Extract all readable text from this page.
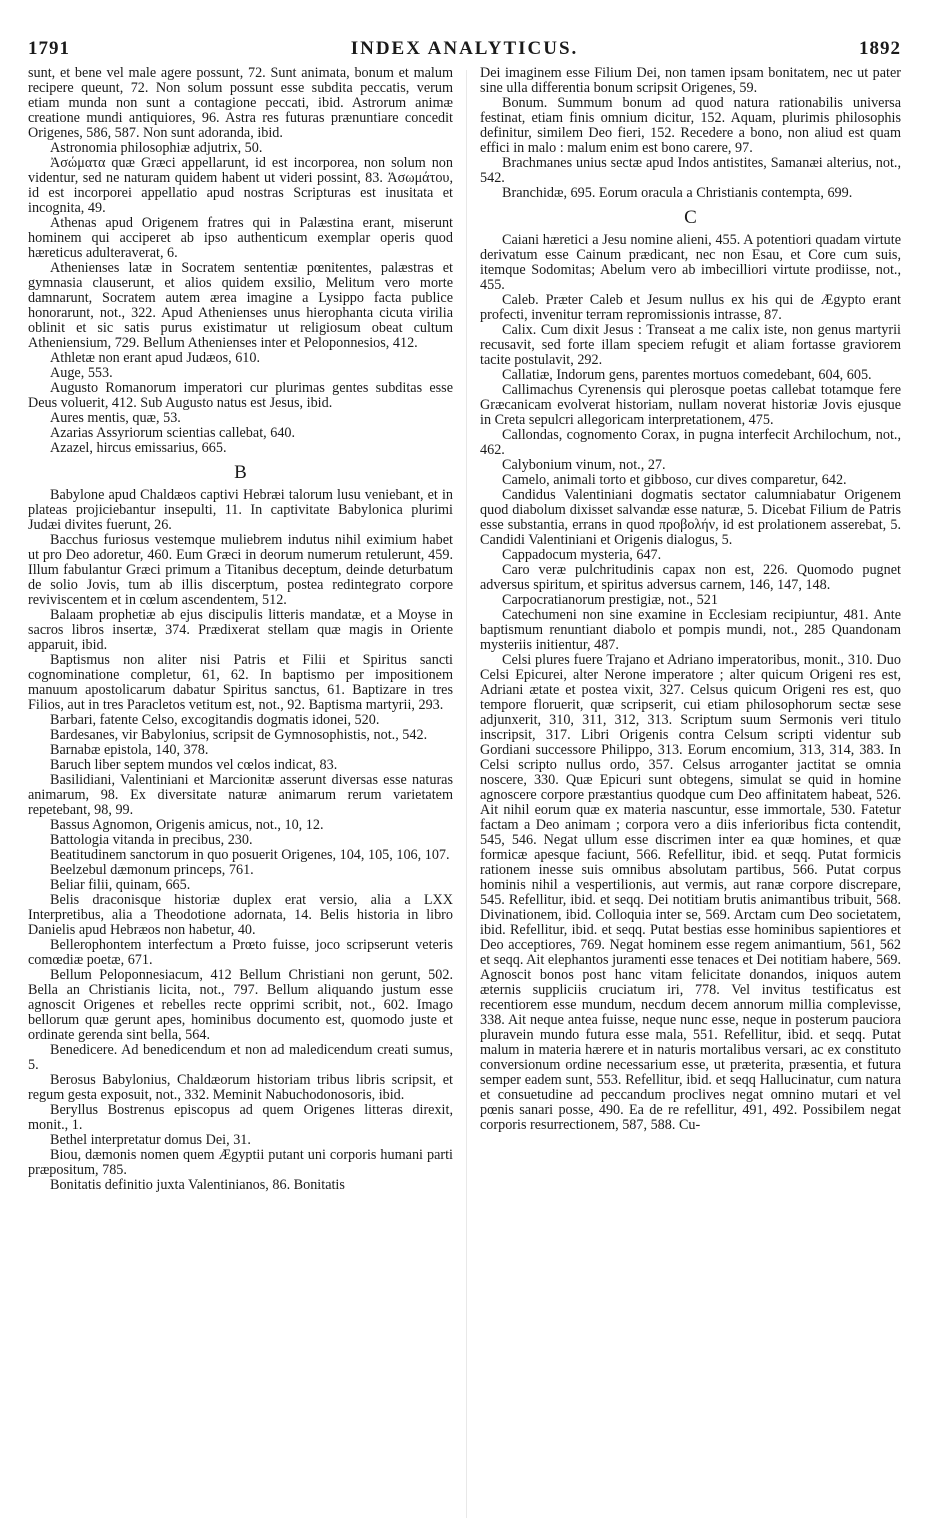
1791	INDEX ANALYTICUS.	1892

sunt, et bene vel male agere possunt, 72. Sunt animata, bonum et malum recipere queunt, 72. Non solum possunt esse subdita peccatis, verum etiam munda non sunt a contagione peccati, ibid. Astrorum animæ creatione mundi antiquiores, 96. Astra res futuras prænuntiare concedit Origenes, 586, 587. Non sunt adoranda, ibid.

Astronomia philosophiæ adjutrix, 50.

Ἀσώματα quæ Græci appellarunt, id est incorporea, non solum non videntur, sed ne naturam quidem habent ut videri possint, 83. Ἀσωμάτου, id est incorporei appellatio apud nostras Scripturas est inusitata et incognita, 49.

Athenas apud Origenem fratres qui in Palæstina erant, miserunt hominem qui acciperet ab ipso authenticum exemplar operis quod hæreticus adulteraverat, 6.

Athenienses latæ in Socratem sententiæ pœnitentes, palæstras et gymnasia clauserunt, et alios quidem exsilio, Melitum vero morte damnarunt, Socratem autem ærea imagine a Lysippo facta publice honorarunt, not., 322. Apud Athenienses unus hierophanta cicuta virilia oblinit et sic satis purus existimatur ut religiosum obeat cultum Atheniensium, 729. Bellum Athenienses inter et Peloponnesios, 412.

Athletæ non erant apud Judæos, 610.

Auge, 553.

Augusto Romanorum imperatori cur plurimas gentes subditas esse Deus voluerit, 412. Sub Augusto natus est Jesus, ibid.

Aures mentis, quæ, 53.

Azarias Assyriorum scientias callebat, 640.

Azazel, hircus emissarius, 665.

B

Babylone apud Chaldæos captivi Hebræi talorum lusu veniebant, et in plateas projiciebantur insepulti, 11. In captivitate Babylonica plurimi Judæi divites fuerunt, 26.

Bacchus furiosus vestemque muliebrem indutus nihil eximium habet ut pro Deo adoretur, 460. Eum Græci in deorum numerum retulerunt, 459. Illum fabulantur Græci primum a Titanibus deceptum, deinde deturbatum de solio Jovis, tum ab illis discerptum, postea redintegrato corpore reviviscentem et in cœlum ascendentem, 512.

Balaam prophetiæ ab ejus discipulis litteris mandatæ, et a Moyse in sacros libros insertæ, 374. Prædixerat stellam quæ magis in Oriente apparuit, ibid.

Baptismus non aliter nisi Patris et Filii et Spiritus sancti cognominatione completur, 61, 62. In baptismo per impositionem manuum apostolicarum dabatur Spiritus sanctus, 61. Baptizare in tres Filios, aut in tres Paracletos vetitum est, not., 92. Baptisma martyrii, 293.

Barbari, fatente Celso, excogitandis dogmatis idonei, 520.

Bardesanes, vir Babylonius, scripsit de Gymnosophistis, not., 542.

Barnabæ epistola, 140, 378.

Baruch liber septem mundos vel cœlos indicat, 83.

Basilidiani, Valentiniani et Marcionitæ asserunt diversas esse naturas animarum, 98. Ex diversitate naturæ animarum rerum varietatem repetebant, 98, 99.

Bassus Agnomon, Origenis amicus, not., 10, 12.

Battologia vitanda in precibus, 230.

Beatitudinem sanctorum in quo posuerit Origenes, 104, 105, 106, 107.

Beelzebul dæmonum princeps, 761.

Beliar filii, quinam, 665.

Belis draconisque historiæ duplex erat versio, alia a LXX Interpretibus, alia a Theodotione adornata, 14. Belis historia in libro Danielis apud Hebræos non habetur, 40.

Bellerophontem interfectum a Prœto fuisse, joco scripserunt veteris comœdiæ poetæ, 671.

Bellum Peloponnesiacum, 412 Bellum Christiani non gerunt, 502. Bella an Christianis licita, not., 797. Bellum aliquando justum esse agnoscit Origenes et rebelles recte opprimi scribit, not., 602. Imago bellorum quæ gerunt apes, hominibus documento est, quomodo juste et ordinate gerenda sint bella, 564.

Benedicere. Ad benedicendum et non ad maledicendum creati sumus, 5.

Berosus Babylonius, Chaldæorum historiam tribus libris scripsit, et regum gesta exposuit, not., 332. Meminit Nabuchodonosoris, ibid.

Beryllus Bostrenus episcopus ad quem Origenes litteras direxit, monit., 1.

Bethel interpretatur domus Dei, 31.

Biou, dæmonis nomen quem Ægyptii putant uni corporis humani parti præpositum, 785.

Bonitatis definitio juxta Valentinianos, 86. Bonitatis

Dei imaginem esse Filium Dei, non tamen ipsam bonitatem, nec ut pater sine ulla differentia bonum scripsit Origenes, 59.

Bonum. Summum bonum ad quod natura rationabilis universa festinat, etiam finis omnium dicitur, 152. Aquam, plurimis philosophis definitur, similem Deo fieri, 152. Recedere a bono, non aliud est quam effici in malo : malum enim est bono carere, 97.

Brachmanes unius sectæ apud Indos antistites, Samanæi alterius, not., 542.

Branchidæ, 695. Eorum oracula a Christianis contempta, 699.

C

Caiani hæretici a Jesu nomine alieni, 455. A potentiori quadam virtute derivatum esse Cainum prædicant, nec non Esau, et Core cum suis, itemque Sodomitas; Abelum vero ab imbecilliori virtute prodiisse, not., 455.

Caleb. Præter Caleb et Jesum nullus ex his qui de Ægypto erant profecti, invenitur terram repromissionis intrasse, 87.

Calix. Cum dixit Jesus : Transeat a me calix iste, non genus martyrii recusavit, sed forte illam speciem refugit et aliam fortasse graviorem tacite postulavit, 292.

Callatiæ, Indorum gens, parentes mortuos comedebant, 604, 605.

Callimachus Cyrenensis qui plerosque poetas callebat totamque fere Græcanicam evolverat historiam, nullam noverat historiæ Jovis ejusque in Creta sepulcri allegoricam interpretationem, 475.

Callondas, cognomento Corax, in pugna interfecit Archilochum, not., 462.

Calybonium vinum, not., 27.

Camelo, animali torto et gibboso, cur dives comparetur, 642.

Candidus Valentiniani dogmatis sectator calumniabatur Origenem quod diabolum dixisset salvandæ esse naturæ, 5. Dicebat Filium de Patris esse substantia, errans in quod προβολήν, id est prolationem asserebat, 5. Candidi Valentiniani et Origenis dialogus, 5.

Cappadocum mysteria, 647.

Caro veræ pulchritudinis capax non est, 226. Quomodo pugnet adversus spiritum, et spiritus adversus carnem, 146, 147, 148.

Carpocratianorum prestigiæ, not., 521

Catechumeni non sine examine in Ecclesiam recipiuntur, 481. Ante baptismum renuntiant diabolo et pompis mundi, not., 285 Quandonam mysteriis initientur, 487.

Celsi plures fuere Trajano et Adriano imperatoribus, monit., 310. Duo Celsi Epicurei, alter Nerone imperatore ; alter quicum Origeni res est, Adriani ætate et postea vixit, 327. Celsus quicum Origeni res est, quo tempore floruerit, quæ scripserit, cui etiam philosophorum sectæ sese adjunxerit, 310, 311, 312, 313. Scriptum suum Sermonis veri titulo inscripsit, 317. Libri Origenis contra Celsum scripti videntur sub Gordiani successore Philippo, 313. Eorum encomium, 313, 314, 383. In Celsi scripto nullus ordo, 357. Celsus arroganter jactitat se omnia noscere, 330. Quæ Epicuri sunt obtegens, simulat se quid in homine agnoscere corpore præstantius quodque cum Deo affinitatem habeat, 526. Ait nihil eorum quæ ex materia nascuntur, esse immortale, 530. Fatetur factam a Deo animam ; corpora vero a diis inferioribus ficta contendit, 545, 546. Negat ullum esse discrimen inter ea quæ homines, et quæ formicæ apesque faciunt, 566. Refellitur, ibid. et seqq. Putat formicis rationem inesse suis omnibus absolutam partibus, 566. Putat corpus hominis nihil a vespertilionis, aut vermis, aut ranæ corpore discrepare, 545. Refellitur, ibid. et seqq. Dei notitiam brutis animantibus tribuit, 568. Divinationem, ibid. Colloquia inter se, 569. Arctam cum Deo societatem, ibid. Refellitur, ibid. et seqq. Putat bestias esse hominibus sapientiores et Deo acceptiores, 769. Negat hominem esse regem animantium, 561, 562 et seqq. Ait elephantos juramenti esse tenaces et Dei notitiam habere, 569. Agnoscit bonos post hanc vitam felicitate donandos, iniquos autem æternis suppliciis cruciatum iri, 778. Vel invitus testificatus est recentiorem esse mundum, necdum decem annorum millia complevisse, 338. Ait neque antea fuisse, neque nunc esse, neque in posterum pauciora pluravein mundo futura esse mala, 551. Refellitur, ibid. et seqq. Putat malum in materia hærere et in naturis mortalibus versari, ac ex constituto conversionum ordine necessarium esse, ut præterita, præsentia, et futura semper eadem sunt, 553. Refellitur, ibid. et seqq Hallucinatur, cum natura et consuetudine ad peccandum proclives negat omnino mutari et vel pœnis sanari posse, 490. Ea de re refellitur, 491, 492. Possibilem negat corporis resurrectionem, 587, 588. Cu-
